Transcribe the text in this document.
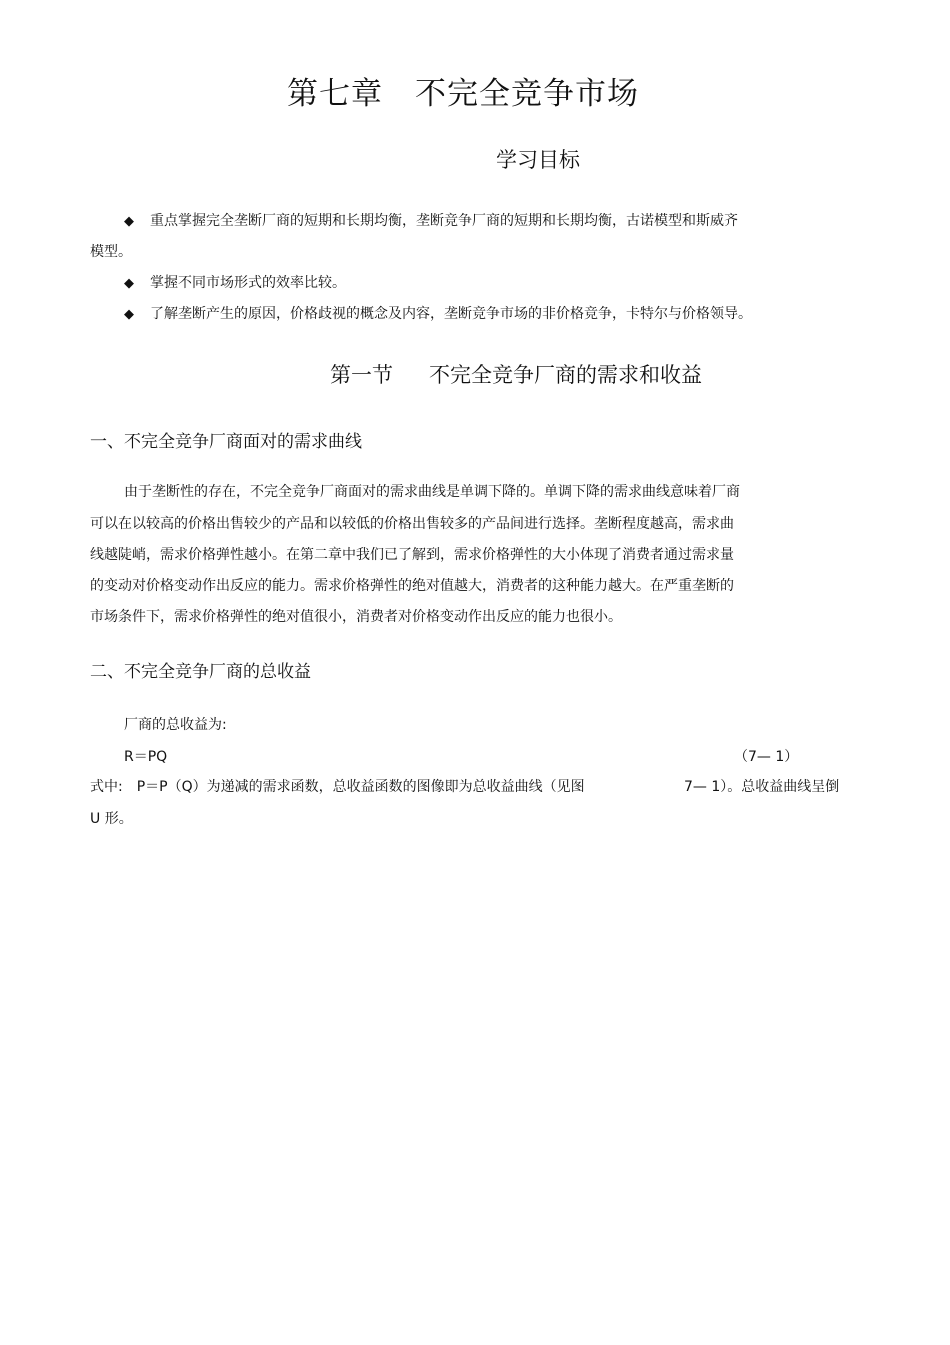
第七章　不完全竞争市场
学习目标
◆ 重点掌握完全垄断厂商的短期和长期均衡，垄断竞争厂商的短期和长期均衡，古诺模型和斯威齐
模型。
◆ 掌握不同市场形式的效率比较。
◆ 了解垄断产生的原因，价格歧视的概念及内容，垄断竞争市场的非价格竞争，卡特尔与价格领导。
第一节 不完全竞争厂商的需求和收益
一、不完全竞争厂商面对的需求曲线
由于垄断性的存在，不完全竞争厂商面对的需求曲线是单调下降的。单调下降的需求曲线意味着厂商
可以在以较高的价格出售较少的产品和以较低的价格出售较多的产品间进行选择。垄断程度越高，需求曲
线越陡峭，需求价格弹性越小。在第二章中我们已了解到，需求价格弹性的大小体现了消费者通过需求量
的变动对价格变动作出反应的能力。需求价格弹性的绝对值越大，消费者的这种能力越大。在严重垄断的
市场条件下，需求价格弹性的绝对值很小，消费者对价格变动作出反应的能力也很小。
二、不完全竞争厂商的总收益
厂商的总收益为:
R＝PQ	（7— 1）
式中:　P＝P（Q）为递减的需求函数，总收益函数的图像即为总收益曲线（见图	7— 1）。总收益曲线呈倒
U 形。
